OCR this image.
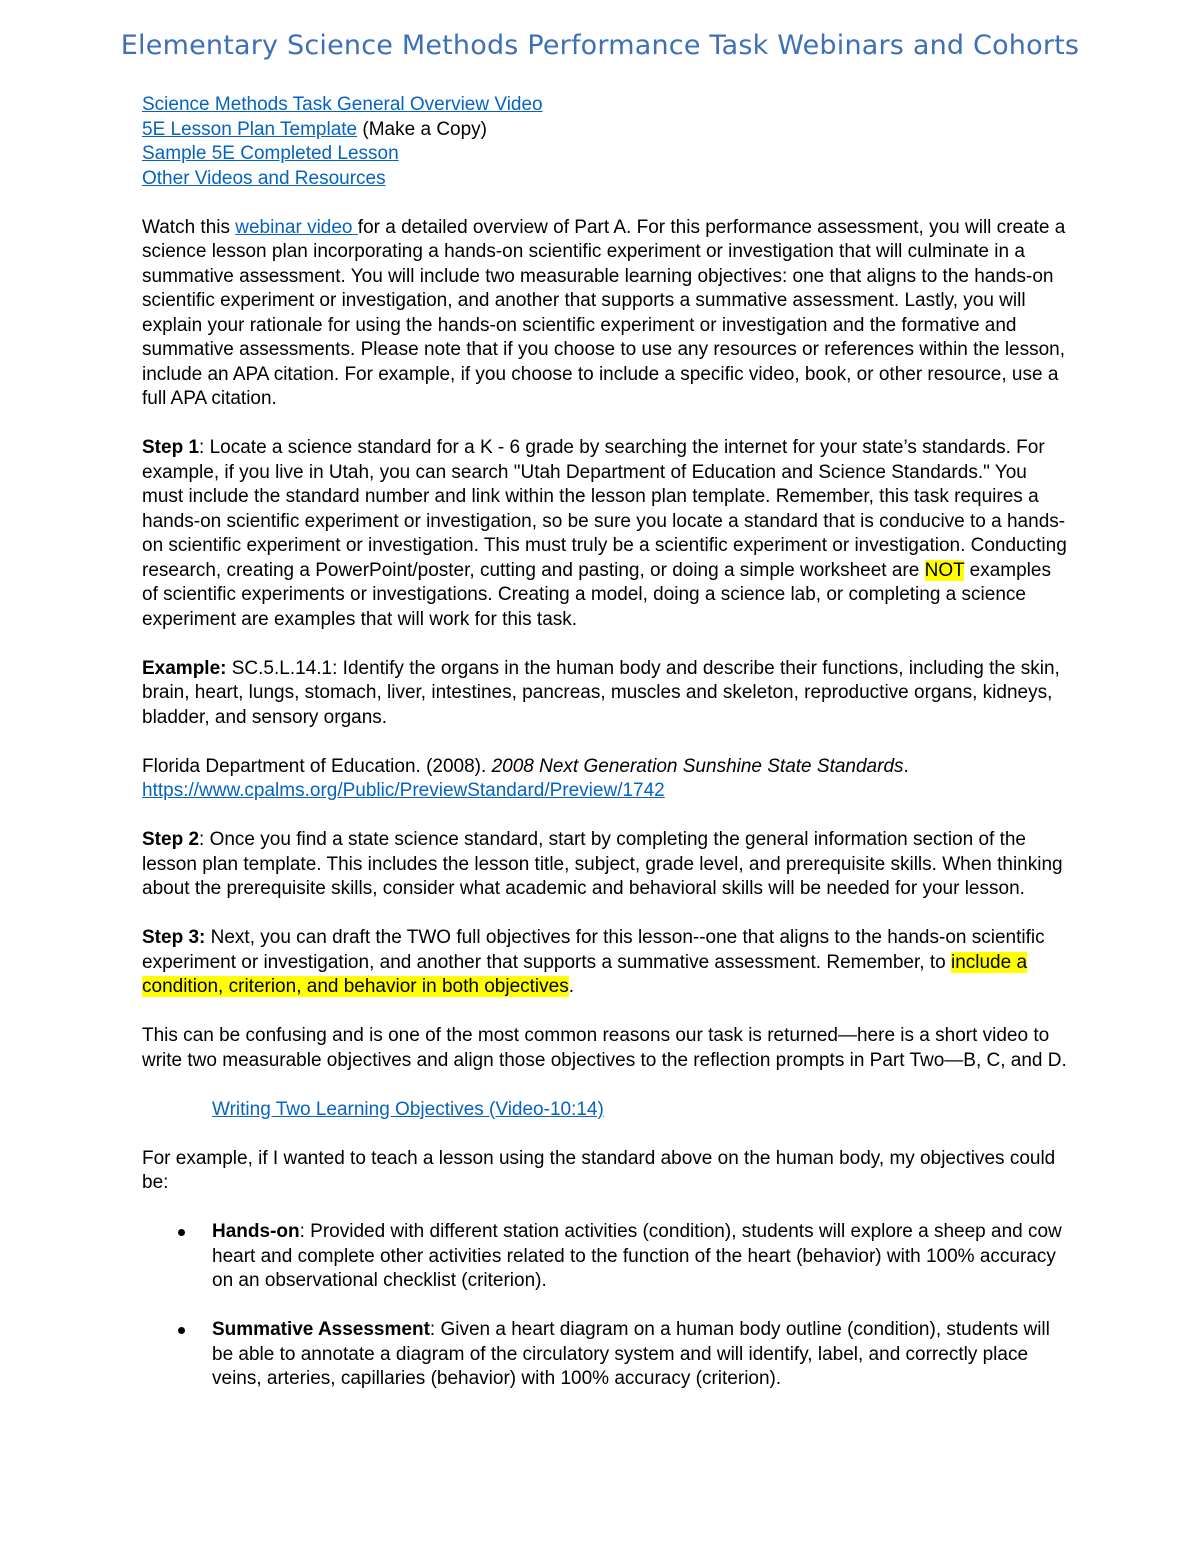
Elementary Science Methods Performance Task Webinars and Cohorts

Science Methods Task General Overview Video

5E Lesson Plan Template (Make a Copy)

Sample 5E Completed Lesson

Other Videos and Resources

Watch this webinar video for a detailed overview of Part A. For this performance assessment, you will create a science lesson plan incorporating a hands-on scientific experiment or investigation that will culminate in a summative assessment. You will include two measurable learning objectives: one that aligns to the hands-on scientific experiment or investigation, and another that supports a summative assessment. Lastly, you will explain your rationale for using the hands-on scientific experiment or investigation and the formative and summative assessments. Please note that if you choose to use any resources or references within the lesson, include an APA citation. For example, if you choose to include a specific video, book, or other resource, use a full APA citation.

Step 1: Locate a science standard for a K - 6 grade by searching the internet for your state’s standards. For example, if you live in Utah, you can search "Utah Department of Education and Science Standards." You must include the standard number and link within the lesson plan template. Remember, this task requires a hands-on scientific experiment or investigation, so be sure you locate a standard that is conducive to a hands-on scientific experiment or investigation. This must truly be a scientific experiment or investigation. Conducting research, creating a PowerPoint/poster, cutting and pasting, or doing a simple worksheet are NOT examples of scientific experiments or investigations. Creating a model, doing a science lab, or completing a science experiment are examples that will work for this task.

Example: SC.5.L.14.1: Identify the organs in the human body and describe their functions, including the skin, brain, heart, lungs, stomach, liver, intestines, pancreas, muscles and skeleton, reproductive organs, kidneys, bladder, and sensory organs.

Florida Department of Education. (2008). 2008 Next Generation Sunshine State Standards.
https://www.cpalms.org/Public/PreviewStandard/Preview/1742

Step 2: Once you find a state science standard, start by completing the general information section of the lesson plan template. This includes the lesson title, subject, grade level, and prerequisite skills. When thinking about the prerequisite skills, consider what academic and behavioral skills will be needed for your lesson.

Step 3: Next, you can draft the TWO full objectives for this lesson--one that aligns to the hands-on scientific experiment or investigation, and another that supports a summative assessment. Remember, to include a condition, criterion, and behavior in both objectives.

This can be confusing and is one of the most common reasons our task is returned—here is a short video to write two measurable objectives and align those objectives to the reflection prompts in Part Two—B, C, and D.

Writing Two Learning Objectives (Video-10:14)

For example, if I wanted to teach a lesson using the standard above on the human body, my objectives could be:

Hands-on: Provided with different station activities (condition), students will explore a sheep and cow heart and complete other activities related to the function of the heart (behavior) with 100% accuracy on an observational checklist (criterion).
Summative Assessment: Given a heart diagram on a human body outline (condition), students will be able to annotate a diagram of the circulatory system and will identify, label, and correctly place veins, arteries, capillaries (behavior) with 100% accuracy (criterion).
